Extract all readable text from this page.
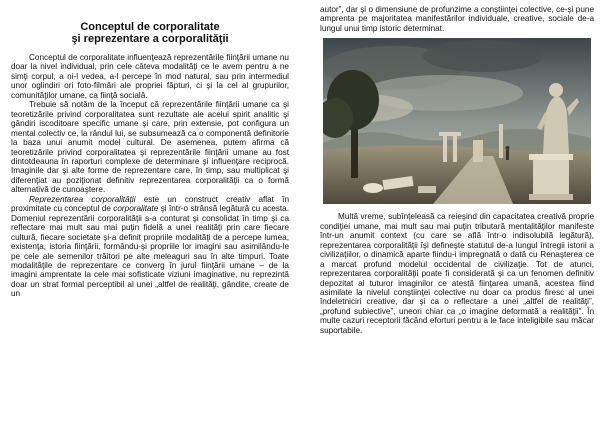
Conceptul de corporalitate
şi reprezentare a corporalităţii

Conceptul de corporalitate influenţează reprezentările fiinţării umane nu doar la nivel individual, prin cele câteva modalităţi ce le avem pentru a ne simţi corpul, a ni-l vedea, a-l percepe în mod natural, sau prin intermediul unor oglindiri ori foto-filmări ale propriei făpturi, ci şi la cel al grupurilor, comunităţilor umane, ca fiinţă socială.

Trebuie să notăm de la început că reprezentările fiinţării umane ca şi teoretizările privind corporalitatea sunt rezultate ale acelui spirit analitic şi gândiri iscoditoare specific umane şi care, prin extensie, pot configura un mental colectiv ce, la rândul lui, se subsumează ca o componentă definitorie la baza unui anumit model cultural. De asemenea, putem afirma că teoretizările privind corporalitatea şi reprezentările fiinţării umane au fost dintotdeauna în raporturi complexe de determinare şi influenţare reciprocă. Imaginile dar şi alte forme de reprezentare care, în timp, sau multiplicat şi diferenţiat au poziţionat definitiv reprezentarea corporalităţii ca o formă alternativă de cunoaştere.

Reprezentarea corporalităţii este un construct creativ aflat în proximitate cu conceptul de corporalitate şi într-o strânsă legătură cu acesta. Domeniul reprezentării corporalităţii s-a conturat şi consolidat în timp şi ca reflectare mai mult sau mai puţin fidelă a unei realităţi prin care fiecare cultură, fiecare societate şi-a definit propriile modalităţi de a percepe lumea, existenţa, istoria fiinţării, formându-şi propriile lor imagini sau asimilându-le pe cele ale semenilor trăitori pe alte meleaguri sau în alte timpuri. Toate modalităţile de reprezentare ce converg în jurul fiinţării umane – de la imagini amprentate la cele mai sofisticate viziuni imaginative, nu reprezintă doar un strat formal perceptibil al unei „altfel de realităţi, gândite, create de un

autor”, dar şi o dimensiune de profunzime a conştiinţei colective, ce-şi pune amprenta pe majoritatea manifestărilor individuale, creative, sociale de-a lungul unui timp istoric determinat.

Multă vreme, subînţeleasă ca reieşind din capacitatea creativă proprie condiţiei umane, mai mult sau mai puţin tributară mentalităţilor manifeste într-un anumit context (cu care se află într-o indisolubilă legătură), reprezentarea corporalităţii îşi defineşte statutul de-a lungul întregii istorii a civilizaţiilor, o dinamică aparte fiindu-i impregnată o dată cu Renaşterea ce a marcat profund modelul occidental de civilizaţie. Tot de atunci, reprezentarea corporalităţii poate fi considerată şi ca un fenomen definitiv depozitat al tuturor imaginilor ce atestă fiinţarea umană, acestea fiind asimilate la nivelul conştiinţei colective nu doar ca produs firesc al unei îndeletniciri creative, dar şi ca o reflectare a unei „altfel de realităţi”, „profund subiective”, uneori chiar ca „o imagine deformată a realităţii”. În multe cazuri receptorii făcând eforturi pentru a le face inteligibile sau măcar suportabile.
